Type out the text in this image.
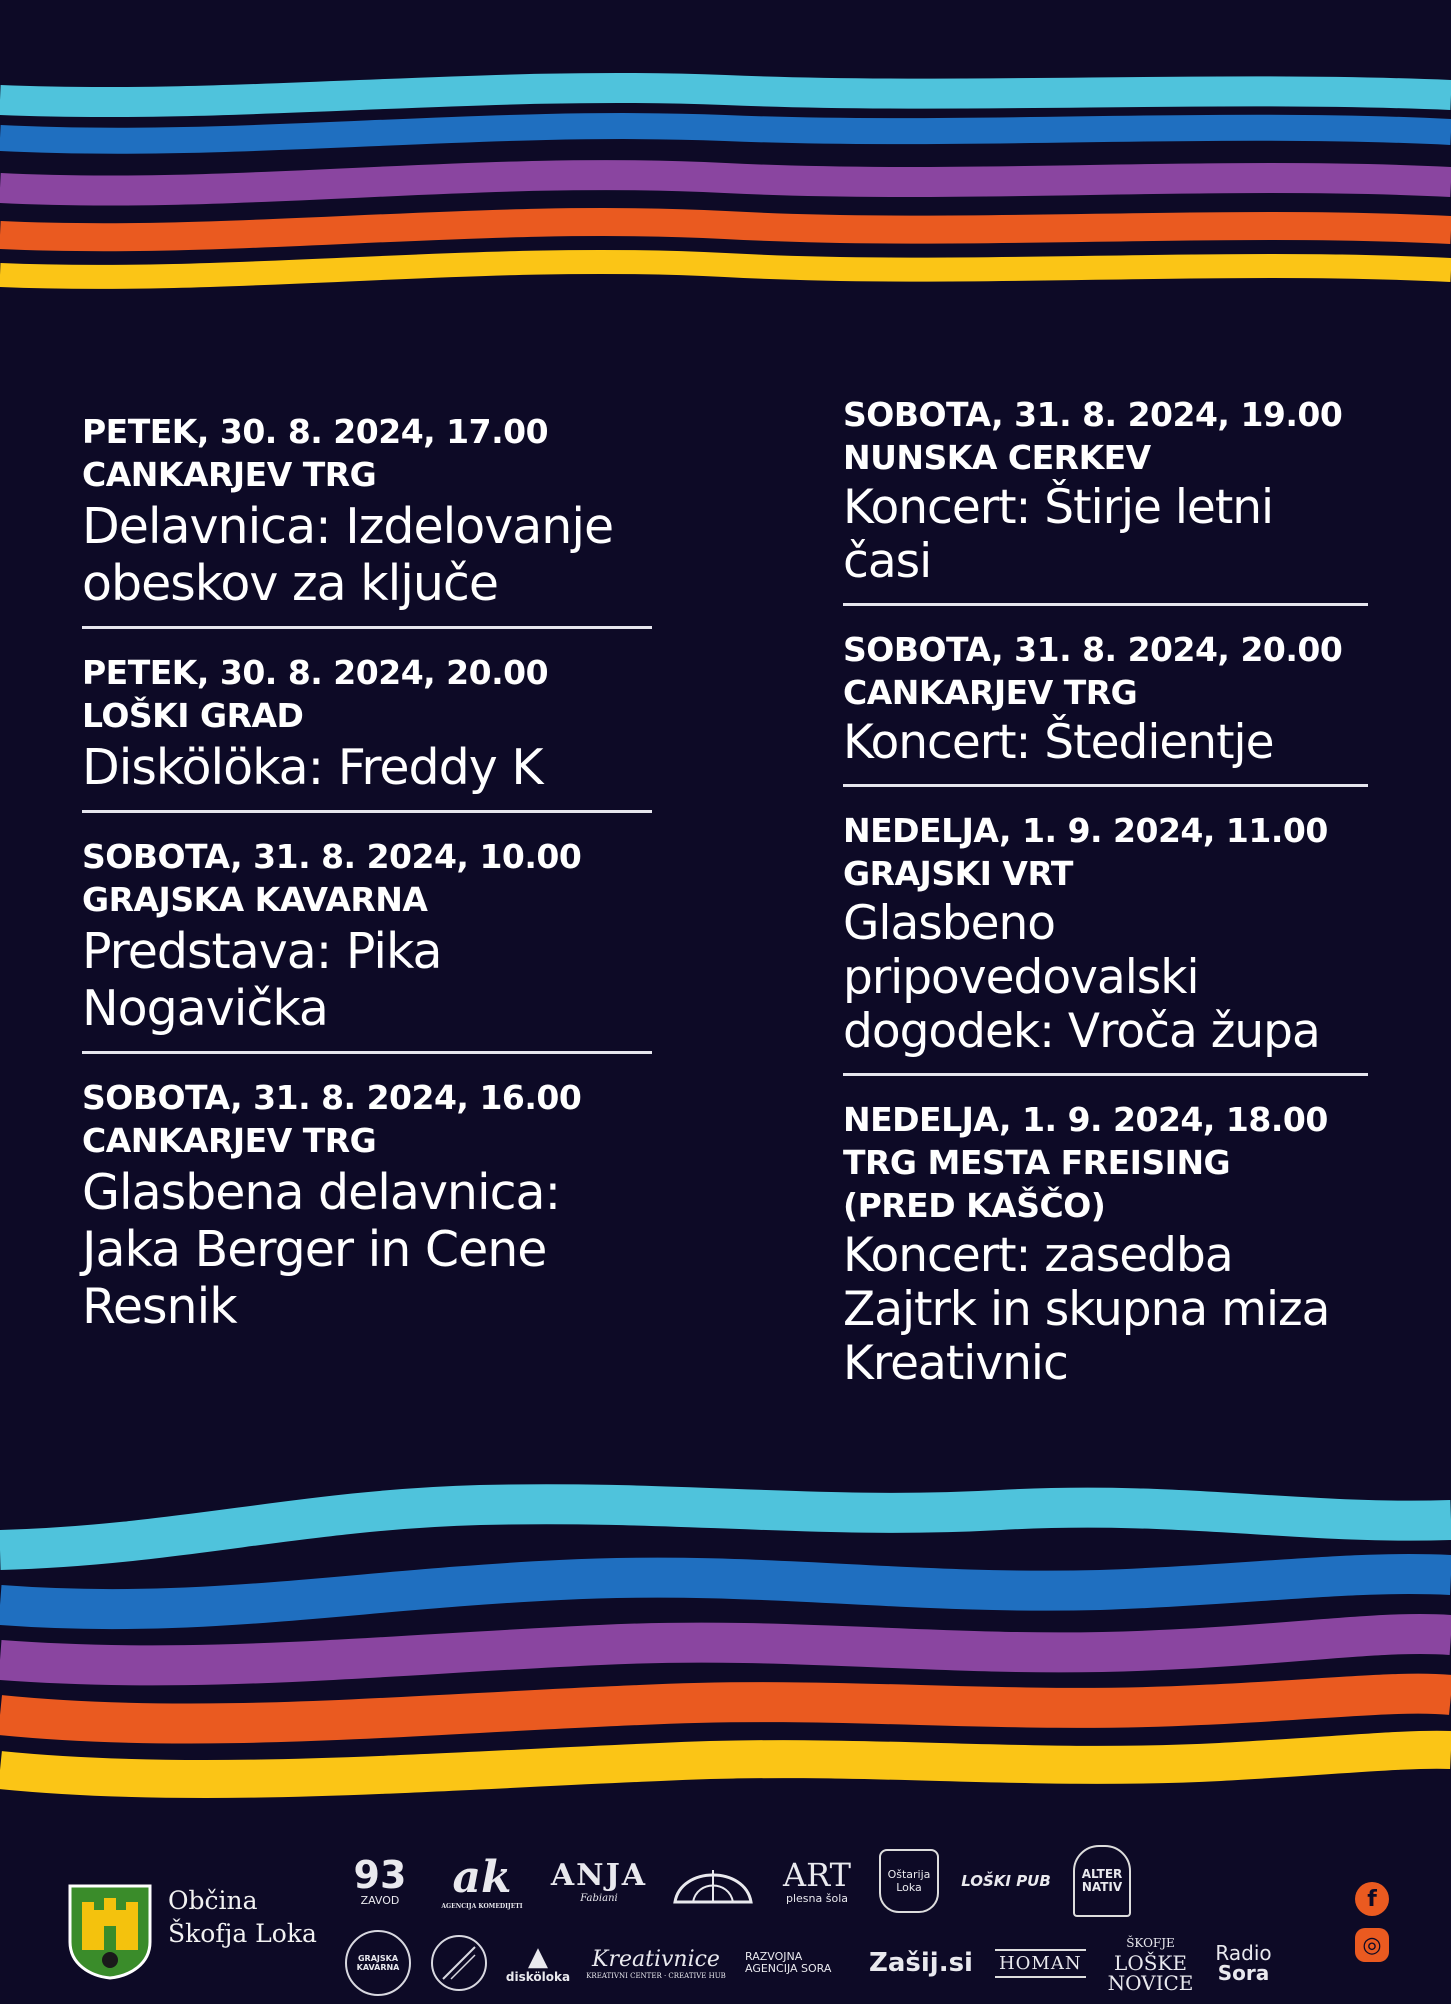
PETEK, 30. 8. 2024, 17.00
CANKARJEV TRG
Delavnica: Izdelovanje obeskov za ključe
PETEK, 30. 8. 2024, 20.00
LOŠKI GRAD
Diskölöka: Freddy K
SOBOTA, 31. 8. 2024, 10.00
GRAJSKA KAVARNA
Predstava: Pika Nogavička
SOBOTA, 31. 8. 2024, 16.00
CANKARJEV TRG
Glasbena delavnica: Jaka Berger in Cene Resnik
SOBOTA, 31. 8. 2024, 19.00
NUNSKA CERKEV
Koncert: Štirje letni časi
SOBOTA, 31. 8. 2024, 20.00
CANKARJEV TRG
Koncert: Štedientje
NEDELJA, 1. 9. 2024, 11.00
GRAJSKI VRT
Glasbeno pripovedovalski dogodek: Vroča župa
NEDELJA, 1. 9. 2024, 18.00
TRG MESTA FREISING (PRED KAŠČO)
Koncert: zasedba Zajtrk in skupna miza Kreativnic
Občina
Škofja Loka
93
ZAVOD ak
AGENCIJA KOMEDIJETI
ANJA
Fabiani
ART
plesna šola
Oštarija Loka	LOŠKI PUB	ALTERNATIV
GRAJSKA KAVARNA	▲
disköloka
Kreativnice
KREATIVNI CENTER · CREATIVE HUB
RAZVOJNA AGENCIJA SORA	Zašij.si HOMAN
ŠKOFJE
LOŠKE
NOVICE
Radio
Sora
f
◎
